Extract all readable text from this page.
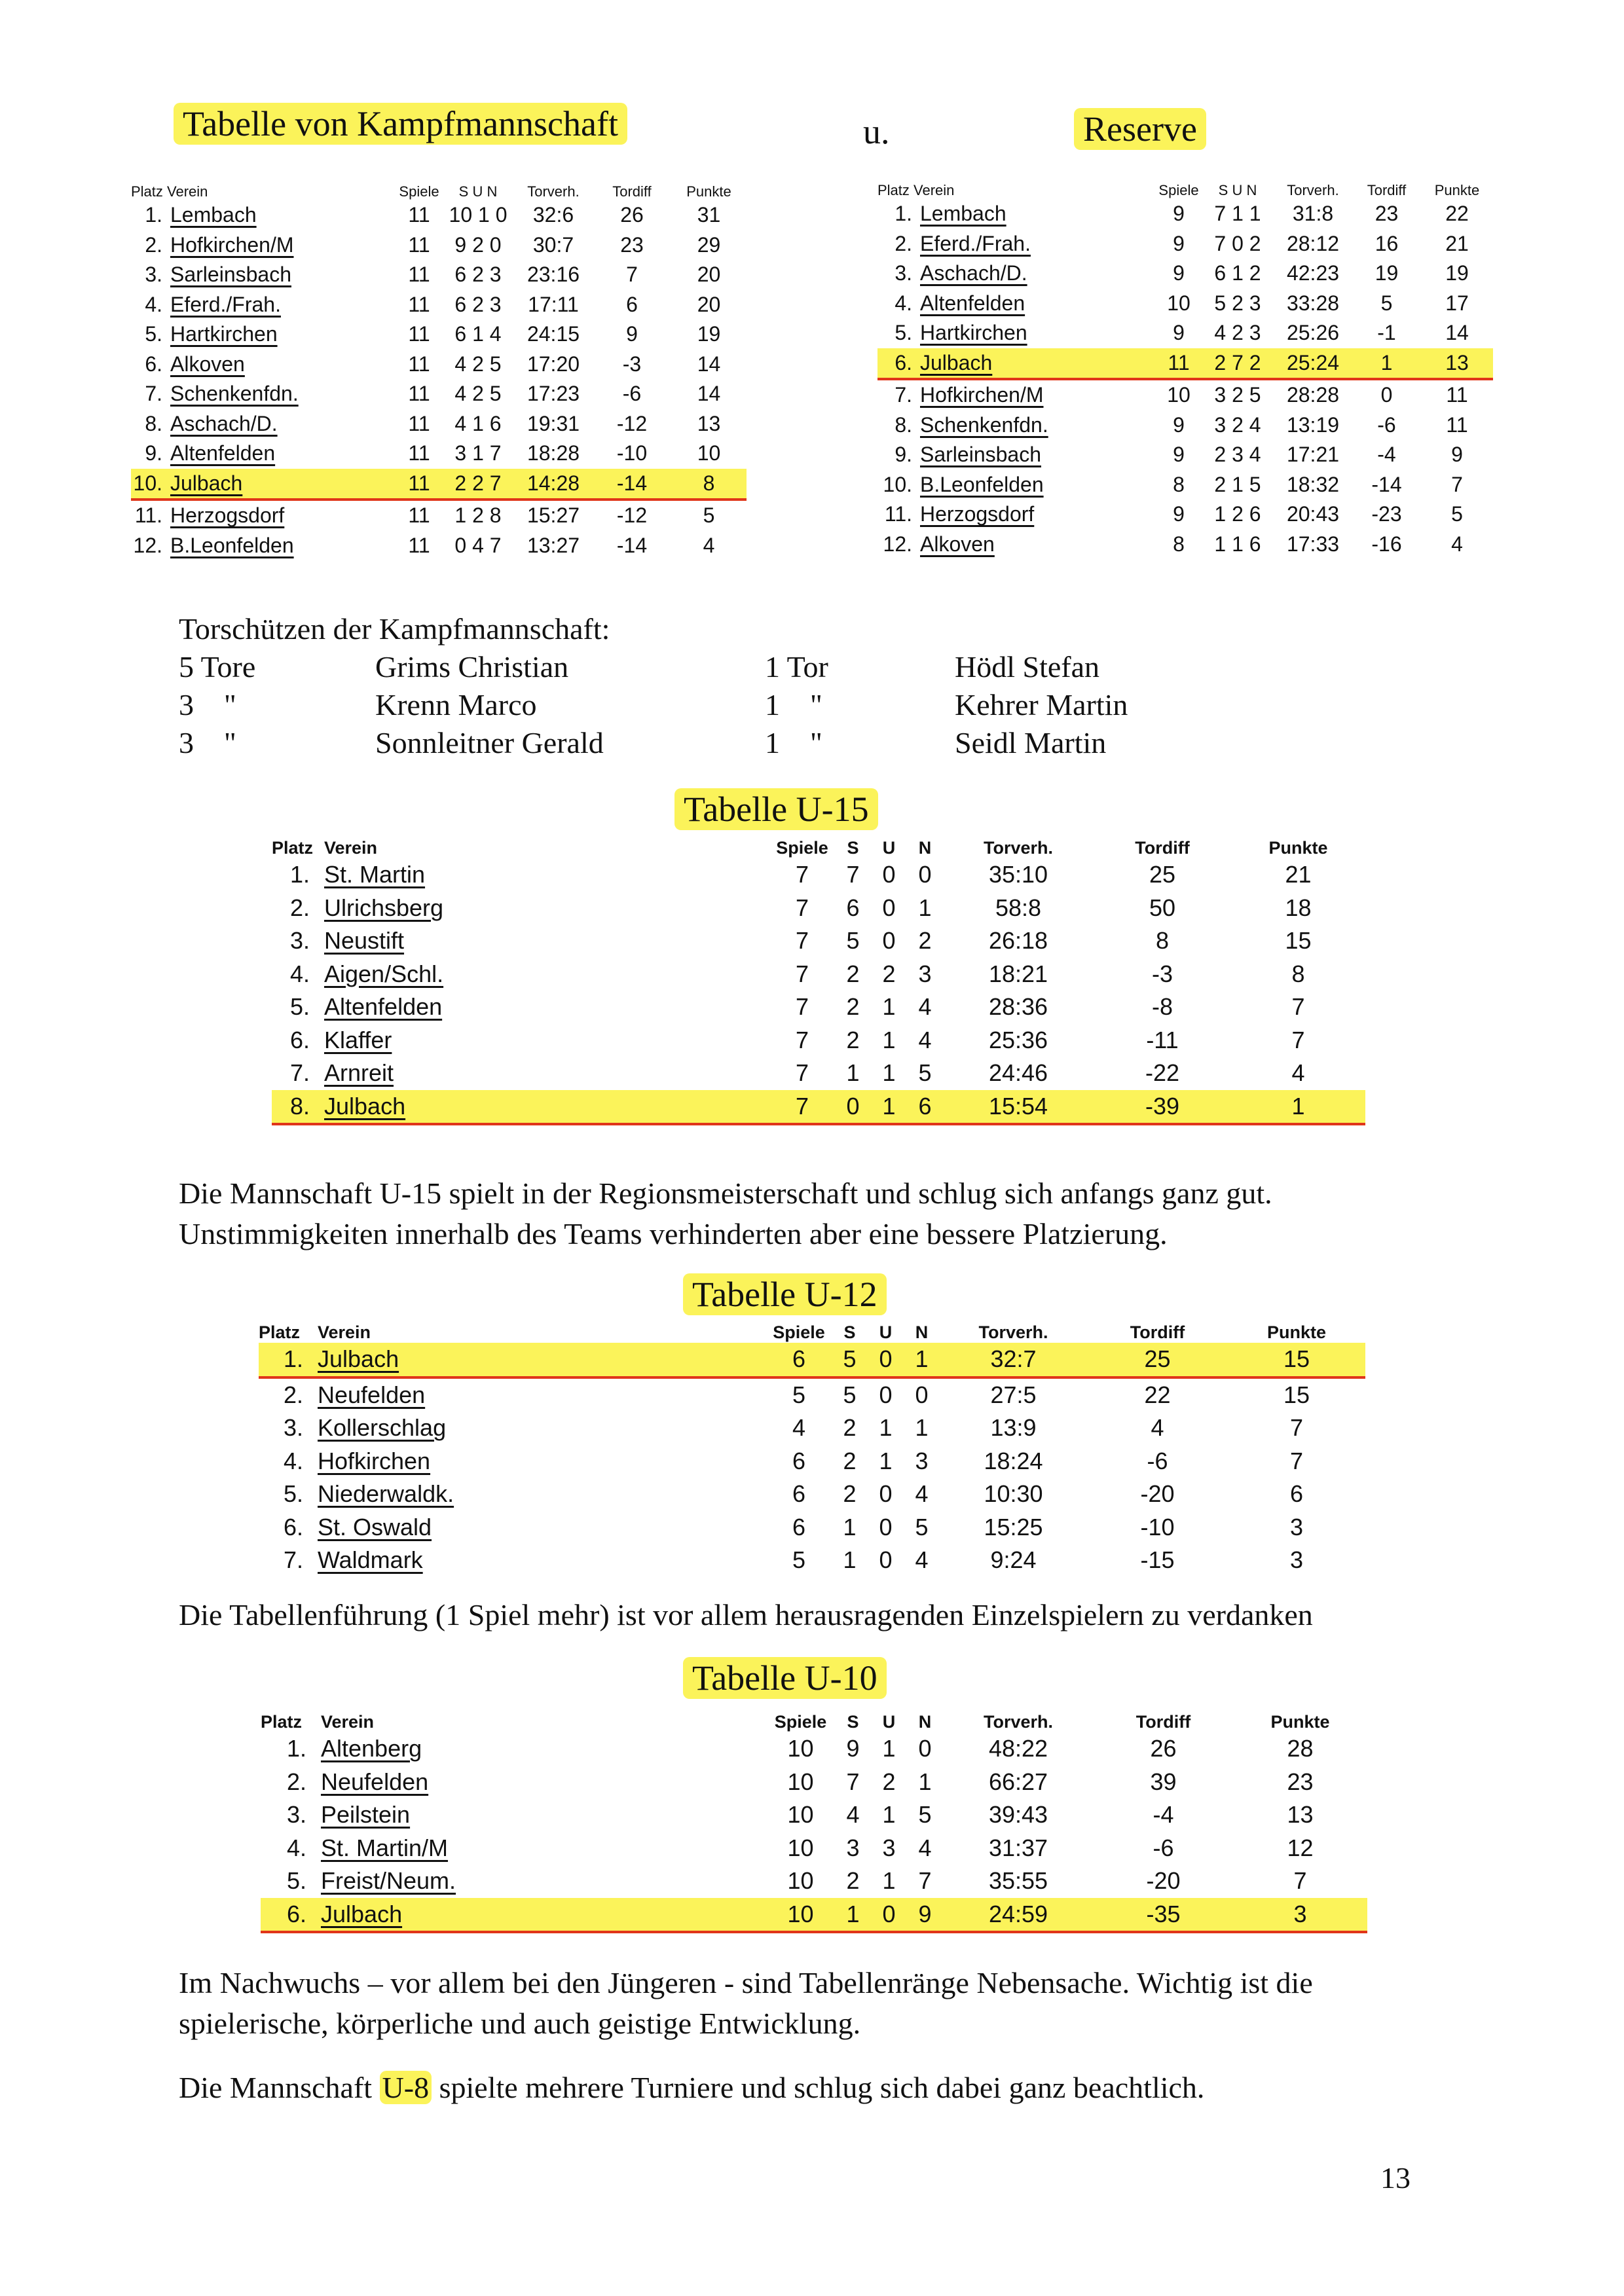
Tabelle von Kampfmannschaft	u.	Reserve
Platz Verein		Spiele	S U N	Torverh.	Tordiff	Punkte
1.	Lembach	11	10 1 0	32:6	26	31
2.	Hofkirchen/M	11	9 2 0	30:7	23	29
3.	Sarleinsbach	11	6 2 3	23:16	7	20
4.	Eferd./Frah.	11	6 2 3	17:11	6	20
5.	Hartkirchen	11	6 1 4	24:15	9	19
6.	Alkoven	11	4 2 5	17:20	-3	14
7.	Schenkenfdn.	11	4 2 5	17:23	-6	14
8.	Aschach/D.	11	4 1 6	19:31	-12	13
9.	Altenfelden	11	3 1 7	18:28	-10	10
10.	Julbach	11	2 2 7	14:28	-14	8
11.	Herzogsdorf	11	1 2 8	15:27	-12	5
12.	B.Leonfelden	11	0 4 7	13:27	-14	4
Platz Verein		Spiele	S U N	Torverh.	Tordiff	Punkte
1.	Lembach	9	7 1 1	31:8	23	22
2.	Eferd./Frah.	9	7 0 2	28:12	16	21
3.	Aschach/D.	9	6 1 2	42:23	19	19
4.	Altenfelden	10	5 2 3	33:28	5	17
5.	Hartkirchen	9	4 2 3	25:26	-1	14
6.	Julbach	11	2 7 2	25:24	1	13
7.	Hofkirchen/M	10	3 2 5	28:28	0	11
8.	Schenkenfdn.	9	3 2 4	13:19	-6	11
9.	Sarleinsbach	9	2 3 4	17:21	-4	9
10.	B.Leonfelden	8	2 1 5	18:32	-14	7
11.	Herzogsdorf	9	1 2 6	20:43	-23	5
12.	Alkoven	8	1 1 6	17:33	-16	4
Torschützen der Kampfmannschaft:
5 Tore	Grims Christian	1 Tor	Hödl Stefan
3    "	Krenn Marco	1    "	Kehrer Martin
3    "	Sonnleitner Gerald	1    "	Seidl Martin
Tabelle U-15
Platz	Verein	Spiele	S	U	N	Torverh.	Tordiff	Punkte
1.	St. Martin	7	7	0	0	35:10	25	21
2.	Ulrichsberg	7	6	0	1	58:8	50	18
3.	Neustift	7	5	0	2	26:18	8	15
4.	Aigen/Schl.	7	2	2	3	18:21	-3	8
5.	Altenfelden	7	2	1	4	28:36	-8	7
6.	Klaffer	7	2	1	4	25:36	-11	7
7.	Arnreit	7	1	1	5	24:46	-22	4
8.	Julbach	7	0	1	6	15:54	-39	1
Die Mannschaft U-15 spielt in der Regionsmeisterschaft und schlug sich anfangs ganz gut. Unstimmigkeiten innerhalb des Teams verhinderten aber eine bessere Platzierung.
Tabelle U-12
Platz	Verein	Spiele	S	U	N	Torverh.	Tordiff	Punkte
1.	Julbach	6	5	0	1	32:7	25	15
2.	Neufelden	5	5	0	0	27:5	22	15
3.	Kollerschlag	4	2	1	1	13:9	4	7
4.	Hofkirchen	6	2	1	3	18:24	-6	7
5.	Niederwaldk.	6	2	0	4	10:30	-20	6
6.	St. Oswald	6	1	0	5	15:25	-10	3
7.	Waldmark	5	1	0	4	9:24	-15	3
Die Tabellenführung (1 Spiel mehr) ist vor allem herausragenden Einzelspielern zu verdanken
Tabelle U-10
Platz	Verein	Spiele	S	U	N	Torverh.	Tordiff	Punkte
1.	Altenberg	10	9	1	0	48:22	26	28
2.	Neufelden	10	7	2	1	66:27	39	23
3.	Peilstein	10	4	1	5	39:43	-4	13
4.	St. Martin/M	10	3	3	4	31:37	-6	12
5.	Freist/Neum.	10	2	1	7	35:55	-20	7
6.	Julbach	10	1	0	9	24:59	-35	3
Im Nachwuchs – vor allem bei den Jüngeren - sind Tabellenränge Nebensache. Wichtig ist die spielerische, körperliche und auch geistige Entwicklung.
Die Mannschaft U-8 spielte mehrere Turniere und schlug sich dabei ganz beachtlich.
13
